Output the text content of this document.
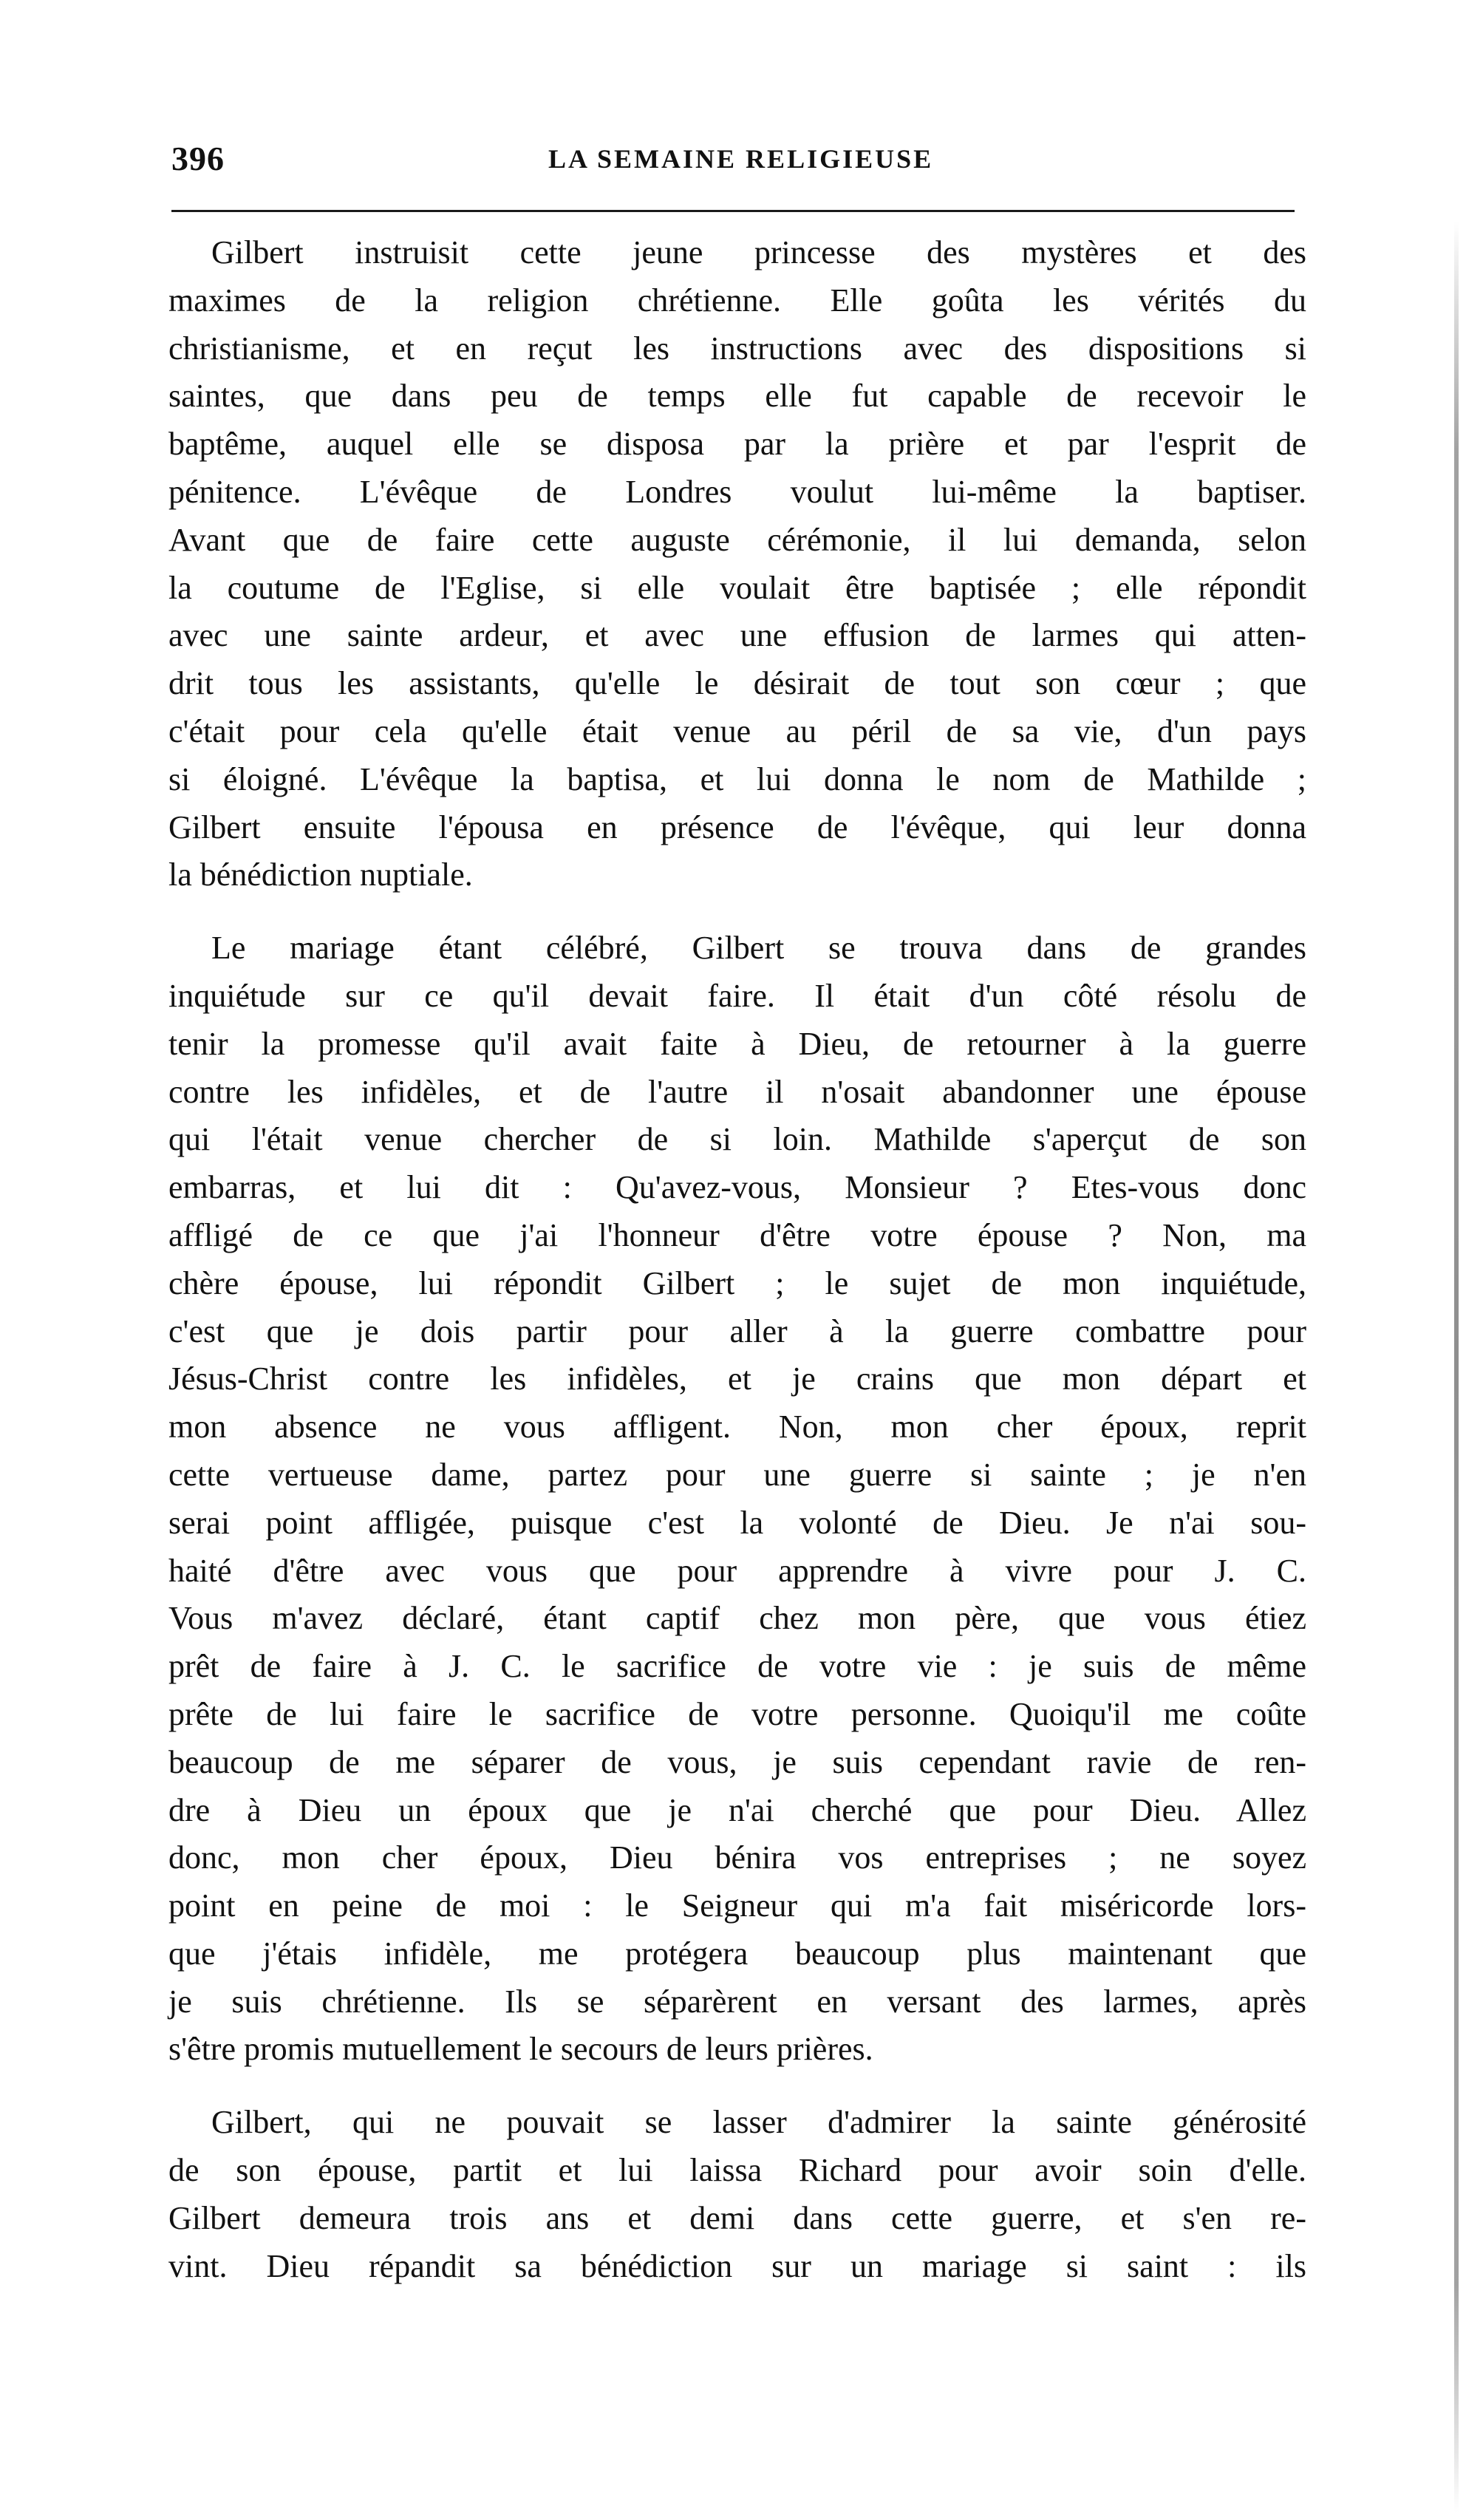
396	LA SEMAINE RELIGIEUSE

Gilbert instruisit cette jeune princesse des mystères et des
maximes de la religion chrétienne. Elle goûta les vérités du
christianisme, et en reçut les instructions avec des dispositions si
saintes, que dans peu de temps elle fut capable de recevoir le
baptême, auquel elle se disposa par la prière et par l'esprit de
pénitence. L'évêque de Londres voulut lui-même la baptiser.
Avant que de faire cette auguste cérémonie, il lui demanda, selon
la coutume de l'Eglise, si elle voulait être baptisée ; elle répondit
avec une sainte ardeur, et avec une effusion de larmes qui atten-
drit tous les assistants, qu'elle le désirait de tout son cœur ; que
c'était pour cela qu'elle était venue au péril de sa vie, d'un pays
si éloigné. L'évêque la baptisa, et lui donna le nom de Mathilde ;
Gilbert ensuite l'épousa en présence de l'évêque, qui leur donna
la bénédiction nuptiale.

Le mariage étant célébré, Gilbert se trouva dans de grandes
inquiétude sur ce qu'il devait faire. Il était d'un côté résolu de
tenir la promesse qu'il avait faite à Dieu, de retourner à la guerre
contre les infidèles, et de l'autre il n'osait abandonner une épouse
qui l'était venue chercher de si loin. Mathilde s'aperçut de son
embarras, et lui dit : Qu'avez-vous, Monsieur ? Etes-vous donc
affligé de ce que j'ai l'honneur d'être votre épouse ? Non, ma
chère épouse, lui répondit Gilbert ; le sujet de mon inquiétude,
c'est que je dois partir pour aller à la guerre combattre pour
Jésus-Christ contre les infidèles, et je crains que mon départ et
mon absence ne vous affligent. Non, mon cher époux, reprit
cette vertueuse dame, partez pour une guerre si sainte ; je n'en
serai point affligée, puisque c'est la volonté de Dieu. Je n'ai sou-
haité d'être avec vous que pour apprendre à vivre pour J. C.
Vous m'avez déclaré, étant captif chez mon père, que vous étiez
prêt de faire à J. C. le sacrifice de votre vie : je suis de même
prête de lui faire le sacrifice de votre personne. Quoiqu'il me coûte
beaucoup de me séparer de vous, je suis cependant ravie de ren-
dre à Dieu un époux que je n'ai cherché que pour Dieu. Allez
donc, mon cher époux, Dieu bénira vos entreprises ; ne soyez
point en peine de moi : le Seigneur qui m'a fait miséricorde lors-
que j'étais infidèle, me protégera beaucoup plus maintenant que
je suis chrétienne. Ils se séparèrent en versant des larmes, après
s'être promis mutuellement le secours de leurs prières.

Gilbert, qui ne pouvait se lasser d'admirer la sainte générosité
de son épouse, partit et lui laissa Richard pour avoir soin d'elle.
Gilbert demeura trois ans et demi dans cette guerre, et s'en re-
vint. Dieu répandit sa bénédiction sur un mariage si saint : ils
